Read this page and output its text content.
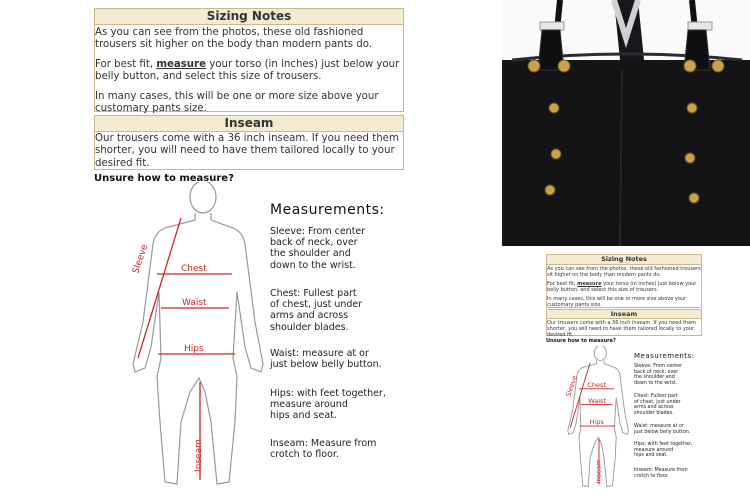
Sizing Notes

As you can see from the photos, these old fashioned trousers sit higher on the body than modern pants do.

For best fit, measure your torso (in inches) just below your belly button, and select this size of trousers.

In many cases, this will be one or more size above your customary pants size.

Inseam
Our trousers come with a 36 inch inseam. If you need them shorter, you will need to have them tailored locally to your desired fit.
Unsure how to measure?
Sleeve	Chest
Waist
Hips
Inseam
Measurements:
Sleeve: From center
back of neck, over
the shoulder and
down to the wrist.
Chest: Fullest part
of chest, just under
arms and across
shoulder blades.
Waist: measure at or
just below belly button.
Hips: with feet together,
measure around
hips and seat.
Inseam: Measure from
crotch to floor.
Sizing Notes

As you can see from the photos, these old fashioned trousers sit higher on the body than modern pants do.

For best fit, measure your torso (in inches) just below your belly button, and select this size of trousers.

In many cases, this will be one or more size above your customary pants size.

Inseam
Our trousers come with a 36 inch inseam. If you need them shorter, you will need to have them tailored locally to your desired fit.
Unsure how to measure?
Sleeve Chest
Waist
Hips
Inseam
Measurements:
Sleeve: From center
back of neck, over
the shoulder and
down to the wrist.
Chest: Fullest part
of chest, just under
arms and across
shoulder blades.
Waist: measure at or
just below belly button.
Hips: with feet together,
measure around
hips and seat.
Inseam: Measure from
crotch to floor.
